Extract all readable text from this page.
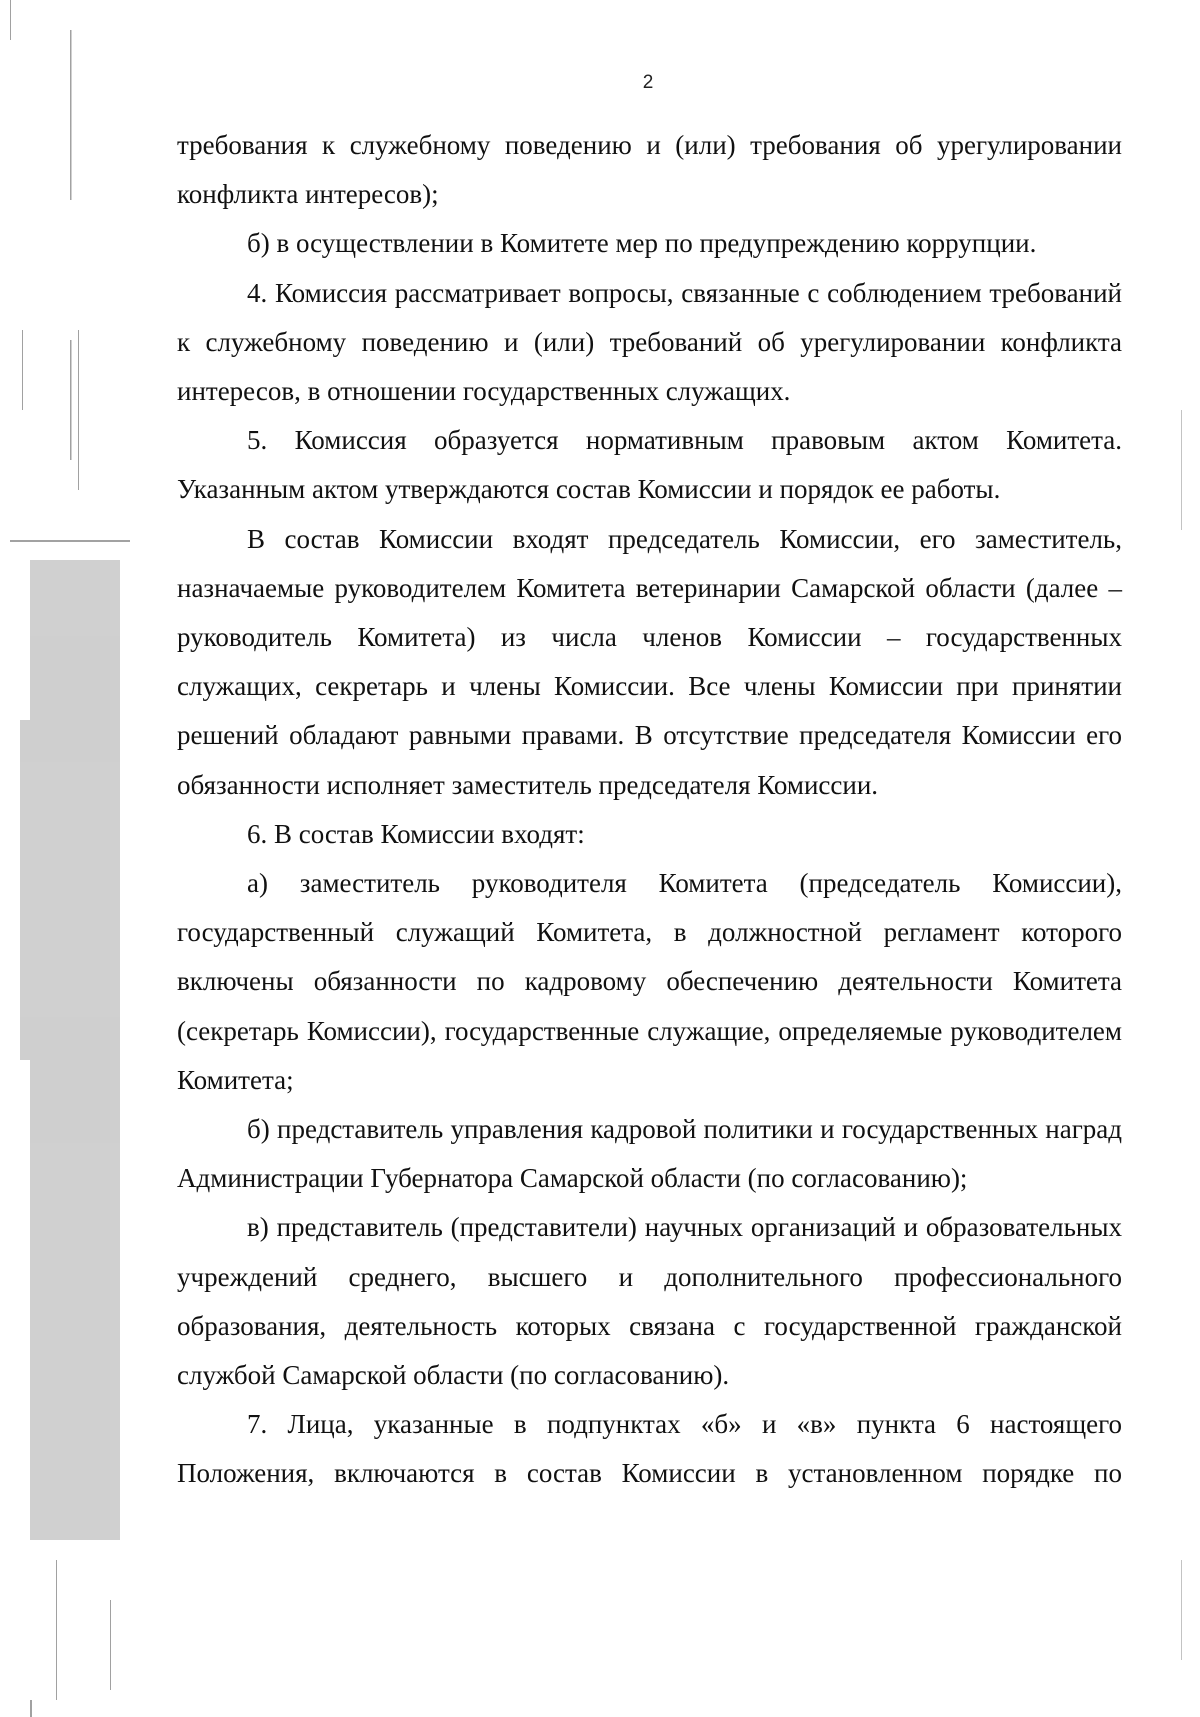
2

требования к служебному поведению и (или) требования об урегулировании конфликта интересов);

б) в осуществлении в Комитете мер по предупреждению коррупции.

4. Комиссия рассматривает вопросы, связанные с соблюдением требований к служебному поведению и (или) требований об урегулировании конфликта интересов, в отношении государственных служащих.

5. Комиссия образуется нормативным правовым актом Комитета. Указанным актом утверждаются состав Комиссии и порядок ее работы.

В состав Комиссии входят председатель Комиссии, его заместитель, назначаемые руководителем Комитета ветеринарии Самарской области (далее – руководитель Комитета) из числа членов Комиссии – государственных служащих, секретарь и члены Комиссии. Все члены Комиссии при принятии решений обладают равными правами. В отсутствие председателя Комиссии его обязанности исполняет заместитель председателя Комиссии.

6. В состав Комиссии входят:

а) заместитель руководителя Комитета (председатель Комиссии), государственный служащий Комитета, в должностной регламент которого включены обязанности по кадровому обеспечению деятельности Комитета (секретарь Комиссии), государственные служащие, определяемые руководителем Комитета;

б) представитель управления кадровой политики и государственных наград Администрации Губернатора Самарской области (по согласованию);

в) представитель (представители) научных организаций и образовательных учреждений среднего, высшего и дополнительного профессионального образования, деятельность которых связана с государственной гражданской службой Самарской области (по согласованию).

7. Лица, указанные в подпунктах «б» и «в» пункта 6 настоящего Положения, включаются в состав Комиссии в установленном порядке по
